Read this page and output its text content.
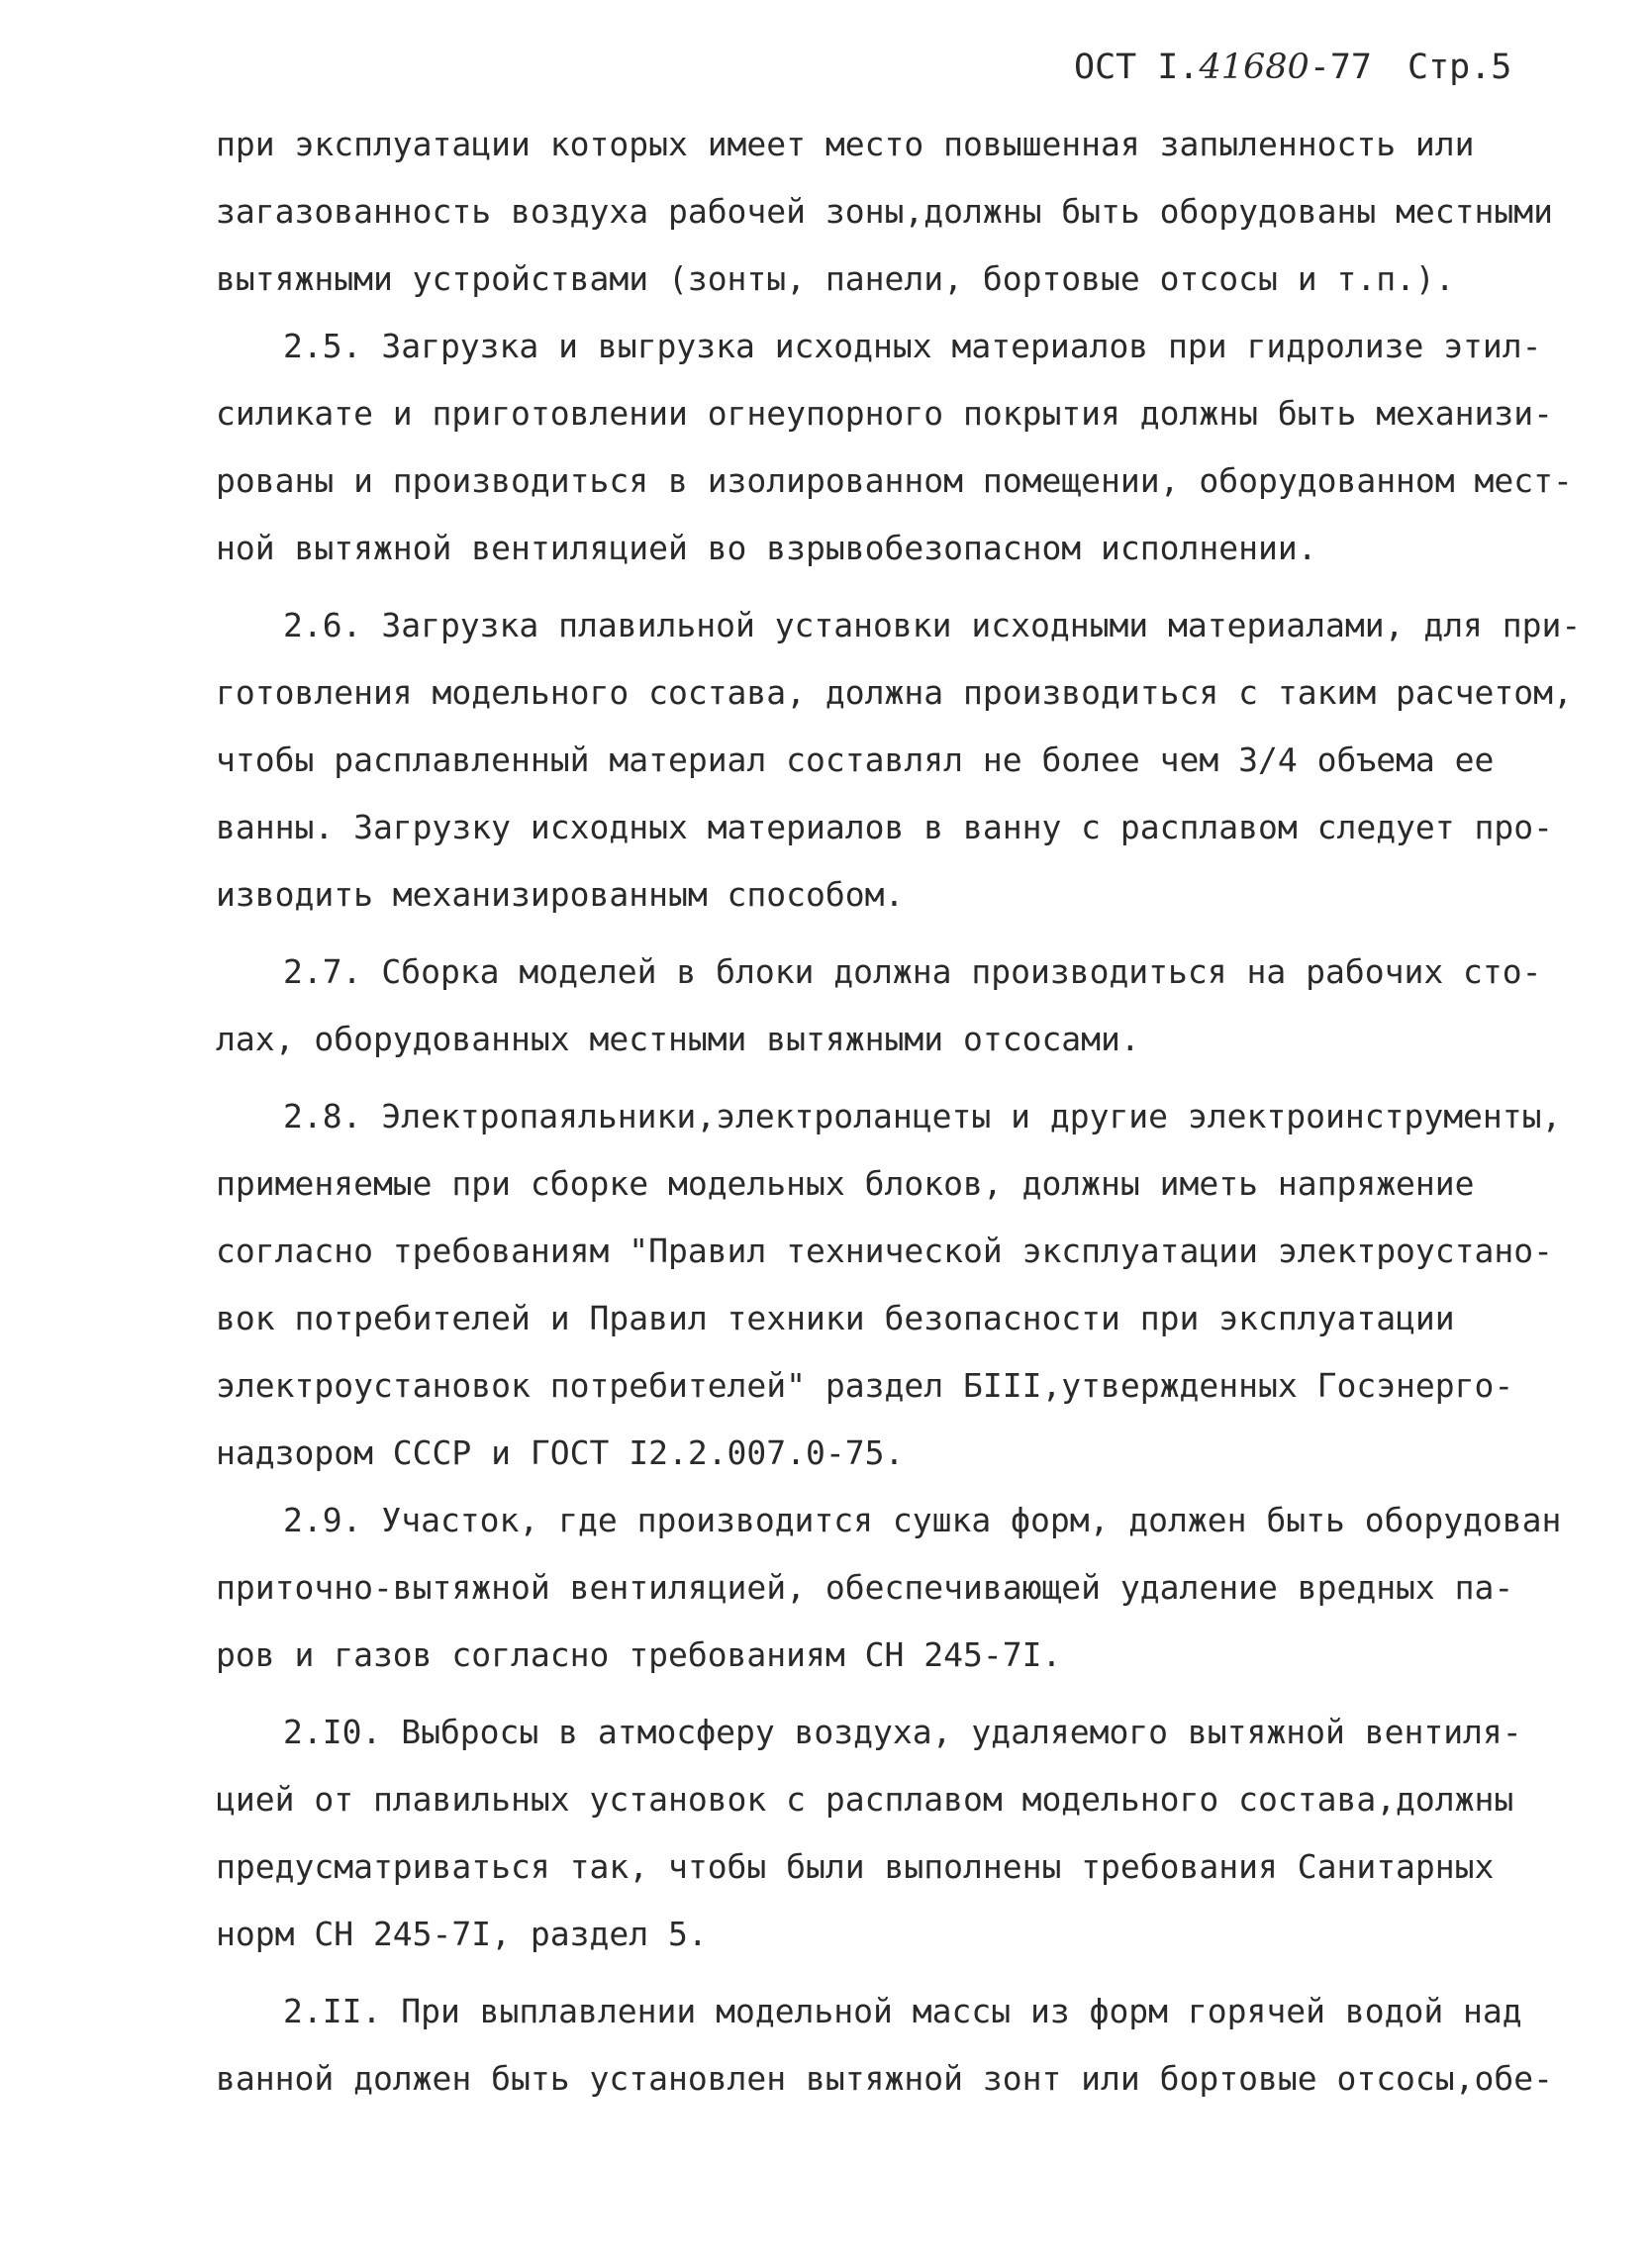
ОСТ I.41680-77 Стр.5
при эксплуатации которых имеет место повышенная запыленность или
загазованность воздуха рабочей зоны,должны быть оборудованы местными
вытяжными устройствами (зонты, панели, бортовые отсосы и т.п.).
2.5. Загрузка и выгрузка исходных материалов при гидролизе этил-
силикате и приготовлении огнеупорного покрытия должны быть механизи-
рованы и производиться в изолированном помещении, оборудованном мест-
ной вытяжной вентиляцией во взрывобезопасном исполнении.
2.6. Загрузка плавильной установки исходными материалами, для при-
готовления модельного состава, должна производиться с таким расчетом,
чтобы расплавленный материал составлял не более чем 3/4 объема ее
ванны. Загрузку исходных материалов в ванну с расплавом следует про-
изводить механизированным способом.
2.7. Сборка моделей в блоки должна производиться на рабочих сто-
лах, оборудованных местными вытяжными отсосами.
2.8. Электропаяльники,электроланцеты и другие электроинструменты,
применяемые при сборке модельных блоков, должны иметь напряжение
согласно требованиям "Правил технической эксплуатации электроустано-
вок потребителей и Правил техники безопасности при эксплуатации
электроустановок потребителей" раздел БIII,утвержденных Госэнерго-
надзором СССР и ГОСТ I2.2.007.0-75.
2.9. Участок, где производится сушка форм, должен быть оборудован
приточно-вытяжной вентиляцией, обеспечивающей удаление вредных па-
ров и газов согласно требованиям СН 245-7I.
2.I0. Выбросы в атмосферу воздуха, удаляемого вытяжной вентиля-
цией от плавильных установок с расплавом модельного состава,должны
предусматриваться так, чтобы были выполнены требования Санитарных
норм СН 245-7I, раздел 5.
2.II. При выплавлении модельной массы из форм горячей водой над
ванной должен быть установлен вытяжной зонт или бортовые отсосы,обе-
